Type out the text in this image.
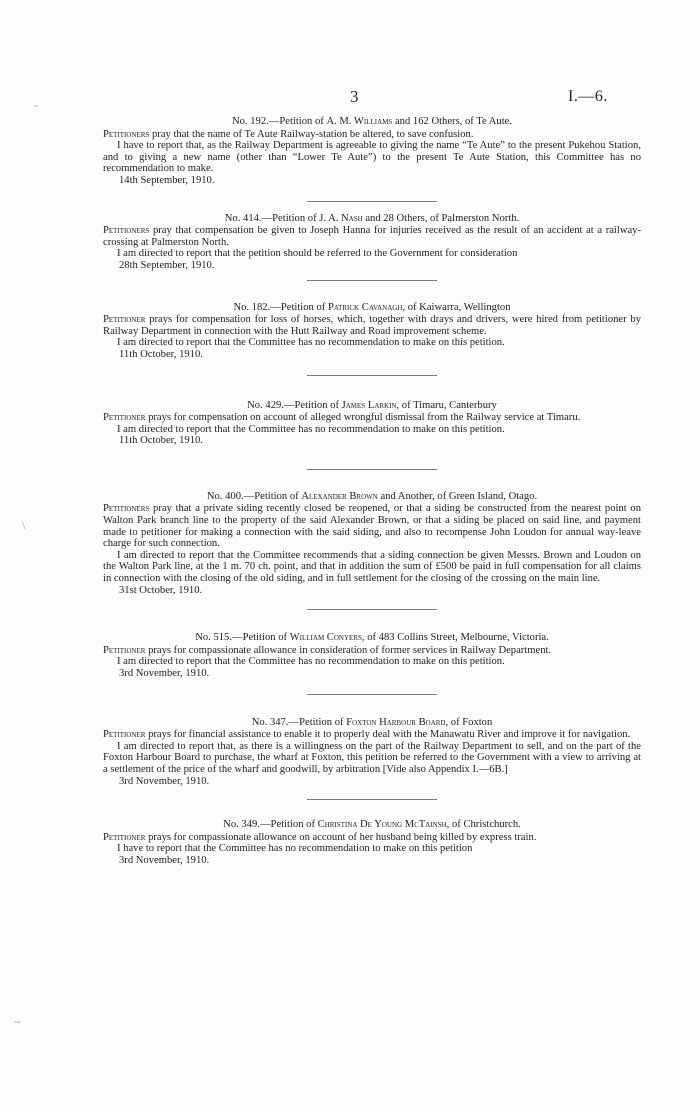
3	I.—6.
-
\
~
No. 192.—Petition of A. M. Williams and 162 Others, of Te Aute.

Petitioners pray that the name of Te Aute Railway-station be altered, to save confusion.

I have to report that, as the Railway Department is agreeable to giving the name “Te Aute” to the present Pukehou Station, and to giving a new name (other than “Lower Te Aute”) to the present Te Aute Station, this Committee has no recommendation to make.

14th September, 1910.

No. 414.—Petition of J. A. Nash and 28 Others, of Palmerston North.

Petitioners pray that compensation be given to Joseph Hanna for injuries received as the result of an accident at a railway-crossing at Palmerston North.

I am directed to report that the petition should be referred to the Government for consideration

28th September, 1910.

No. 182.—Petition of Patrick Cavanagh, of Kaiwarra, Wellington

Petitioner prays for compensation for loss of horses, which, together with drays and drivers, were hired from petitioner by Railway Department in connection with the Hutt Railway and Road improvement scheme.

I am directed to report that the Committee has no recommendation to make on this petition.

11th October, 1910.

No. 429.—Petition of James Larkin, of Timaru, Canterbury

Petitioner prays for compensation on account of alleged wrongful dismissal from the Railway service at Timaru.

I am directed to report that the Committee has no recommendation to make on this petition.

11th October, 1910.

No. 400.—Petition of Alexander Brown and Another, of Green Island, Otago.

Petitioners pray that a private siding recently closed be reopened, or that a siding be constructed from the nearest point on Walton Park branch line to the property of the said Alexander Brown, or that a siding be placed on said line, and payment made to petitioner for making a connection with the said siding, and also to recompense John Loudon for annual way-leave charge for such connection.

I am directed to report that the Committee recommends that a siding connection be given Messrs. Brown and Loudon on the Walton Park line, at the 1 m. 70 ch. point, and that in addition the sum of £500 be paid in full compensation for all claims in connection with the closing of the old siding, and in full settlement for the closing of the crossing on the main line.

31st October, 1910.

No. 515.—Petition of William Conyers, of 483 Collins Street, Melbourne, Victoria.

Petitioner prays for compassionate allowance in consideration of former services in Railway Department.

I am directed to report that the Committee has no recommendation to make on this petition.

3rd November, 1910.

No. 347.—Petition of Foxton Harbour Board, of Foxton

Petitioner prays for financial assistance to enable it to properly deal with the Manawatu River and improve it for navigation.

I am directed to report that, as there is a willingness on the part of the Railway Department to sell, and on the part of the Foxton Harbour Board to purchase, the wharf at Foxton, this petition be referred to the Government with a view to arriving at a settlement of the price of the wharf and goodwill, by arbitration [Vide also Appendix I.—6B.]

3rd November, 1910.

No. 349.—Petition of Christina De Young McTainsh, of Christchurch.

Petitioner prays for compassionate allowance on account of her husband being killed by express train.

I have to report that the Committee has no recommendation to make on this petition

3rd November, 1910.
